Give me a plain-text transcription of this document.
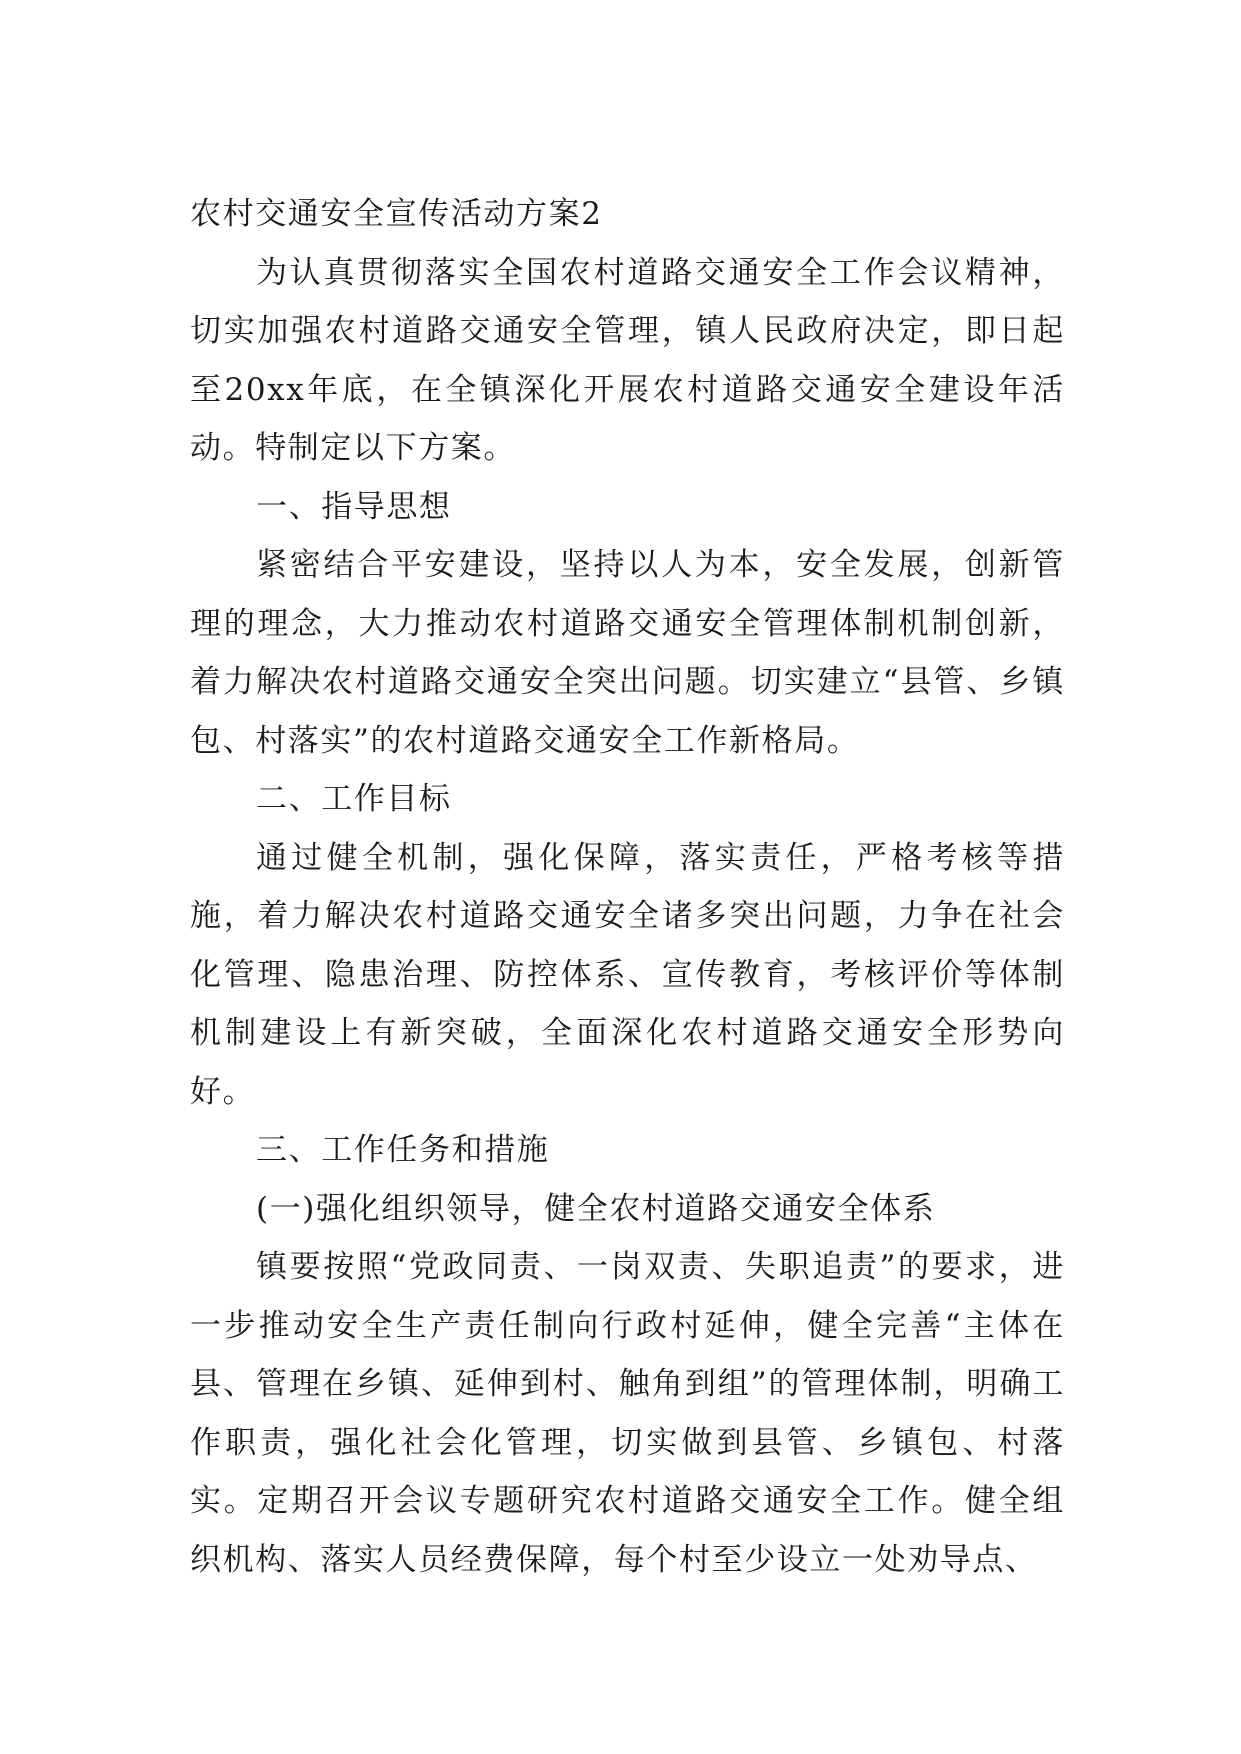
农村交通安全宣传活动方案2

为认真贯彻落实全国农村道路交通安全工作会议精神，切实加强农村道路交通安全管理，镇人民政府决定，即日起至20xx年底，在全镇深化开展农村道路交通安全建设年活动。特制定以下方案。

一、指导思想

紧密结合平安建设，坚持以人为本，安全发展，创新管理的理念，大力推动农村道路交通安全管理体制机制创新，着力解决农村道路交通安全突出问题。切实建立“县管、乡镇包、村落实”的农村道路交通安全工作新格局。

二、工作目标

通过健全机制，强化保障，落实责任，严格考核等措施，着力解决农村道路交通安全诸多突出问题，力争在社会化管理、隐患治理、防控体系、宣传教育，考核评价等体制机制建设上有新突破，全面深化农村道路交通安全形势向好。

三、工作任务和措施

(一)强化组织领导，健全农村道路交通安全体系

镇要按照“党政同责、一岗双责、失职追责”的要求，进一步推动安全生产责任制向行政村延伸，健全完善“主体在县、管理在乡镇、延伸到村、触角到组”的管理体制，明确工作职责，强化社会化管理，切实做到县管、乡镇包、村落实。定期召开会议专题研究农村道路交通安全工作。健全组织机构、落实人员经费保障，每个村至少设立一处劝导点、
